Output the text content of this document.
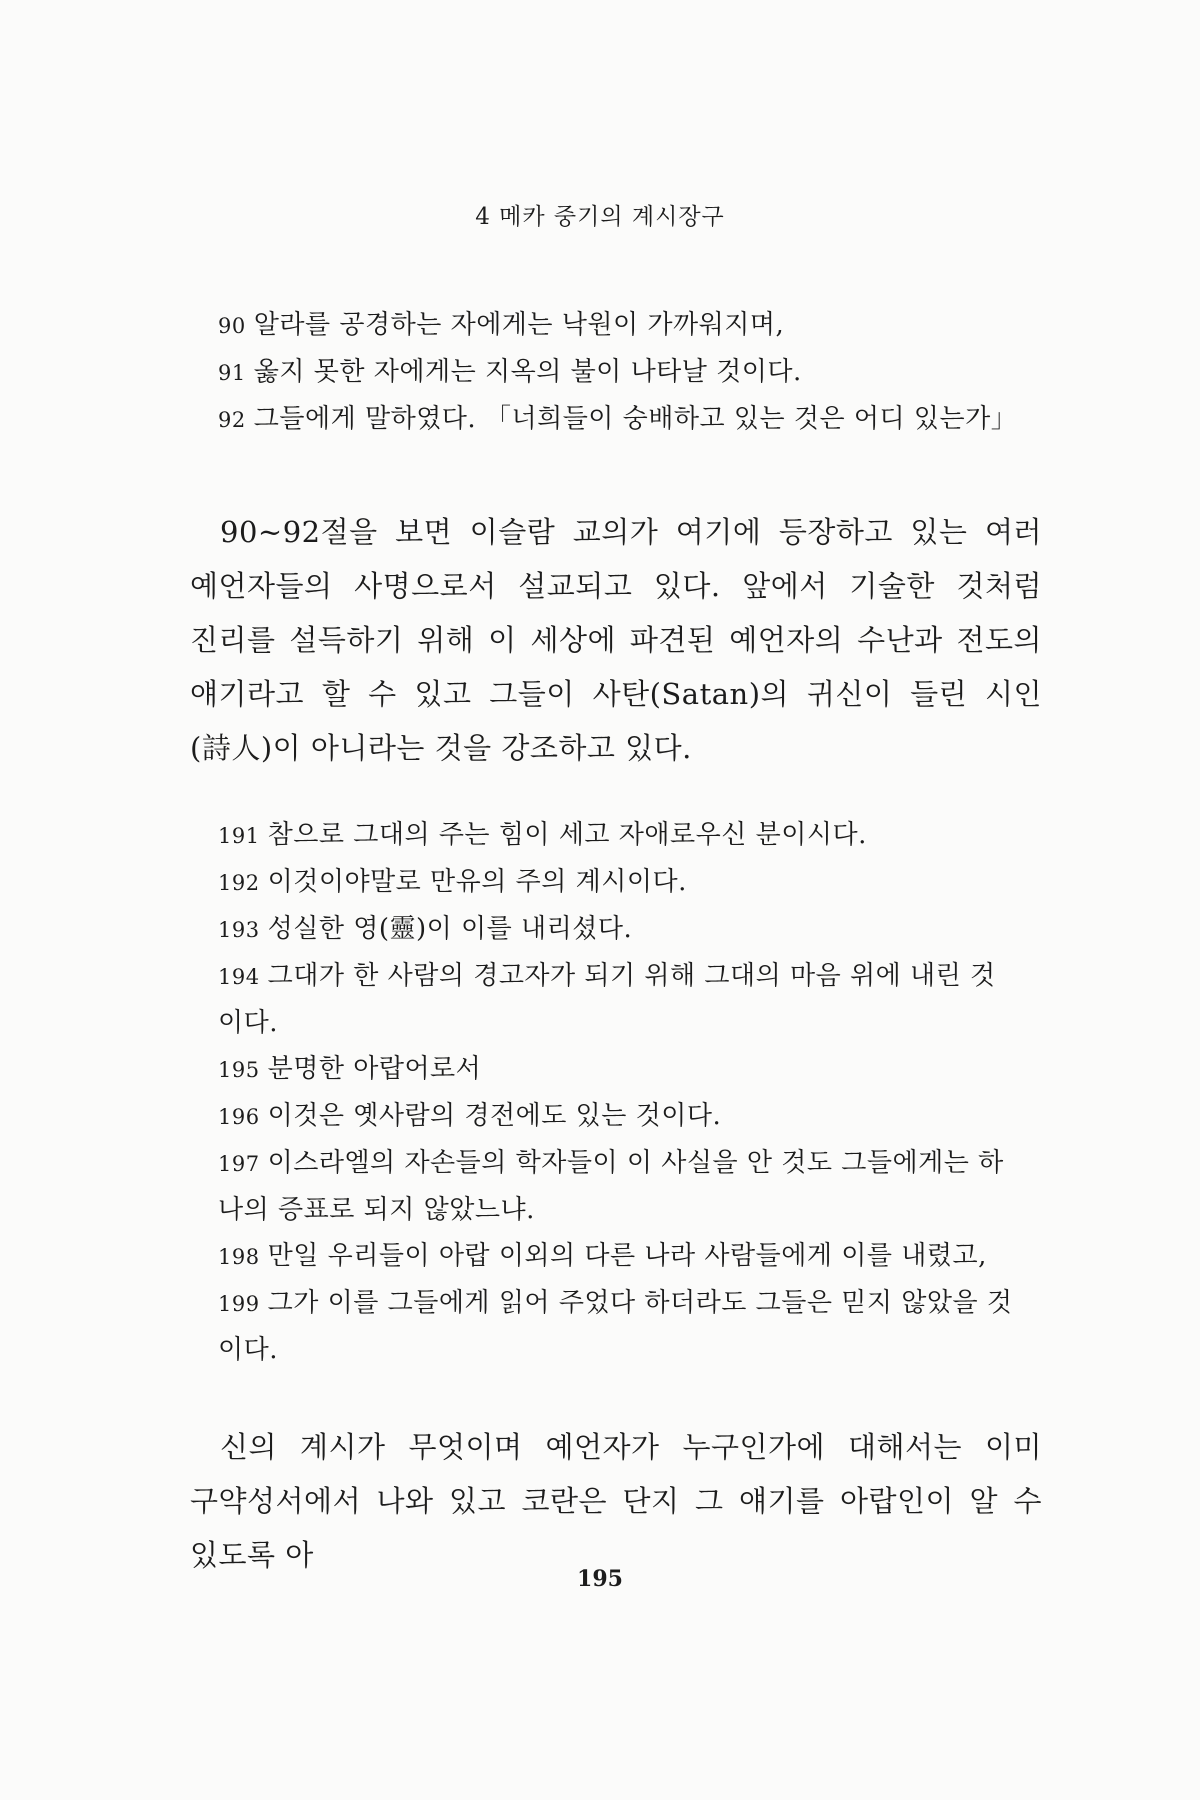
4 메카 중기의 계시장구
90 알라를 공경하는 자에게는 낙원이 가까워지며,
91 옳지 못한 자에게는 지옥의 불이 나타날 것이다.
92 그들에게 말하였다. 「너희들이 숭배하고 있는 것은 어디 있는가」

90~92절을 보면 이슬람 교의가 여기에 등장하고 있는 여러 예언자들의 사명으로서 설교되고 있다. 앞에서 기술한 것처럼 진리를 설득하기 위해 이 세상에 파견된 예언자의 수난과 전도의 얘기라고 할 수 있고 그들이 사탄(Satan)의 귀신이 들린 시인(詩人)이 아니라는 것을 강조하고 있다.

191 참으로 그대의 주는 힘이 세고 자애로우신 분이시다.
192 이것이야말로 만유의 주의 계시이다.
193 성실한 영(靈)이 이를 내리셨다.
194 그대가 한 사람의 경고자가 되기 위해 그대의 마음 위에 내린 것이다.
195 분명한 아랍어로서
196 이것은 옛사람의 경전에도 있는 것이다.
197 이스라엘의 자손들의 학자들이 이 사실을 안 것도 그들에게는 하나의 증표로 되지 않았느냐.
198 만일 우리들이 아랍 이외의 다른 나라 사람들에게 이를 내렸고,
199 그가 이를 그들에게 읽어 주었다 하더라도 그들은 믿지 않았을 것이다.

신의 계시가 무엇이며 예언자가 누구인가에 대해서는 이미 구약성서에서 나와 있고 코란은 단지 그 얘기를 아랍인이 알 수 있도록 아

195
